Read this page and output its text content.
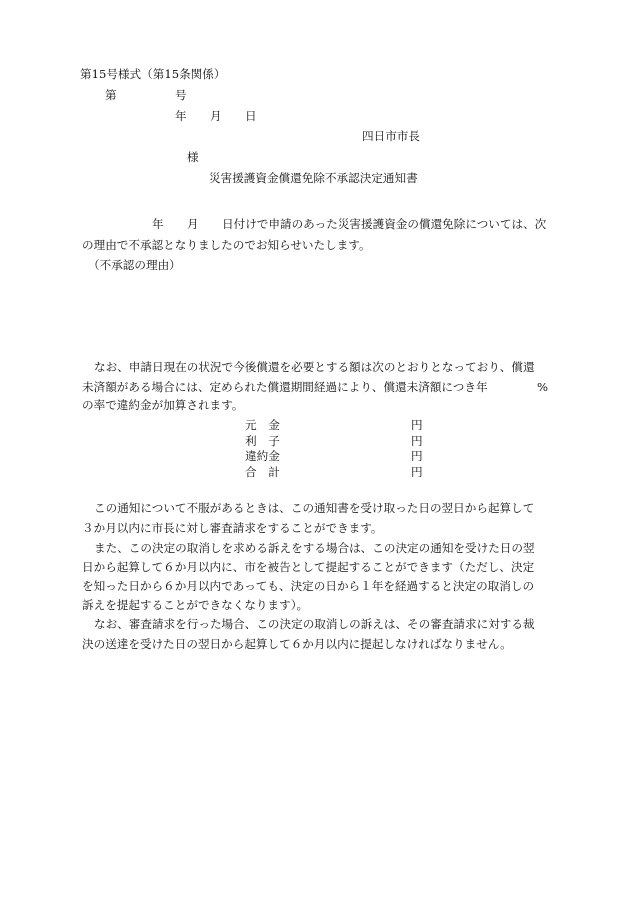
第15号様式（第15条関係）
第	号
年 月 日
四日市市長
様
災害援護資金償還免除不承認決定通知書
年 月 日付けで申請のあった災害援護資金の償還免除については、次
の理由で不承認となりましたのでお知らせいたします。
（不承認の理由）
なお、申請日現在の状況で今後償還を必要とする額は次のとおりとなっており、償還
未済額がある場合には、定められた償還期間経過により、償還未済額につき年	%
の率で違約金が加算されます。
元　金	円
利　子	円
違約金	円
合　計	円
この通知について不服があるときは、この通知書を受け取った日の翌日から起算して
３か月以内に市長に対し審査請求をすることができます。
また、この決定の取消しを求める訴えをする場合は、この決定の通知を受けた日の翌
日から起算して６か月以内に、市を被告として提起することができます（ただし、決定
を知った日から６か月以内であっても、決定の日から１年を経過すると決定の取消しの
訴えを提起することができなくなります）。
なお、審査請求を行った場合、この決定の取消しの訴えは、その審査請求に対する裁
決の送達を受けた日の翌日から起算して６か月以内に提起しなければなりません。
